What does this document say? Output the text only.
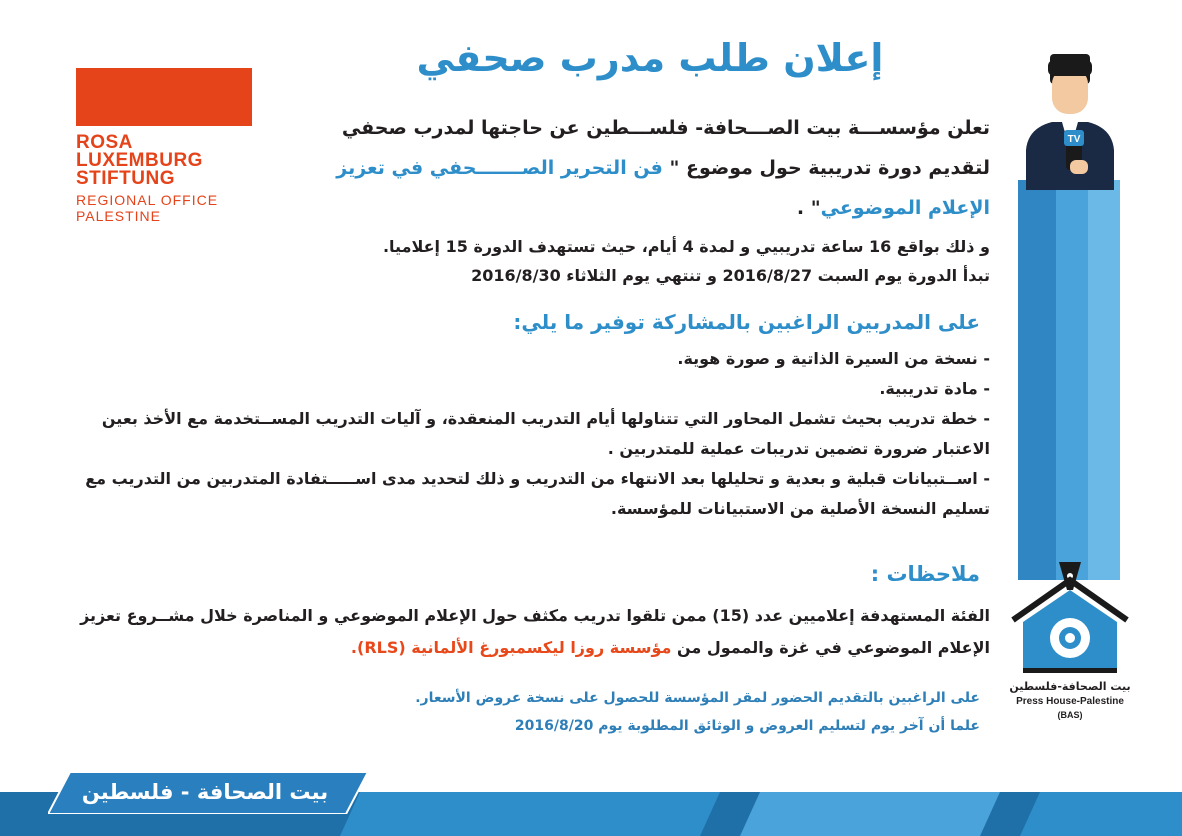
إعلان طلب مدرب صحفي
ROSA
LUXEMBURG
STIFTUNG
REGIONAL OFFICE
PALESTINE
تعلن مؤسســـة بيت الصـــحافة- فلســـطين عن حاجتها لمدرب صحفي
لتقديم دورة تدريبية حول موضوع " فن التحرير الصـــــــحفي في تعزيز
الإعلام الموضوعي" .
و ذلك بواقع 16 ساعة تدريبيي و لمدة 4 أيام، حيث تستهدف الدورة 15 إعلاميا.
تبدأ الدورة يوم السبت 2016/8/27 و تنتهي يوم الثلاثاء 2016/8/30
على المدربين الراغبين بالمشاركة توفير ما يلي:
- نسخة من السيرة الذاتية و صورة هوية.
- مادة تدريبية.
- خطة تدريب بحيث تشمل المحاور التي تتناولها أيام التدريب المنعقدة، و آليات التدريب المســتخدمة مع الأخذ بعين الاعتبار ضرورة تضمين تدريبات عملية للمتدربين .
- اســتبيانات قبلية و بعدية و تحليلها بعد الانتهاء من التدريب و ذلك لتحديد مدى اســـــتفادة المتدربين من التدريب مع تسليم النسخة الأصلية من الاستبيانات للمؤسسة.
ملاحظات :
الفئة المستهدفة إعلاميين عدد (15) ممن تلقوا تدريب مكثف حول الإعلام الموضوعي و المناصرة خلال مشــروع تعزيز الإعلام الموضوعي في غزة والممول من مؤسسة روزا ليكسمبورغ الألمانية (RLS).
على الراغبين بالتقديم الحضور لمقر المؤسسة للحصول على نسخة عروض الأسعار.
علما أن آخر يوم لتسليم العروض و الوثائق المطلوبة يوم 2016/8/20
TV
بيت الصحافة-فلسطين
Press House-Palestine
(BAS)
بيت الصحافة - فلسطين
